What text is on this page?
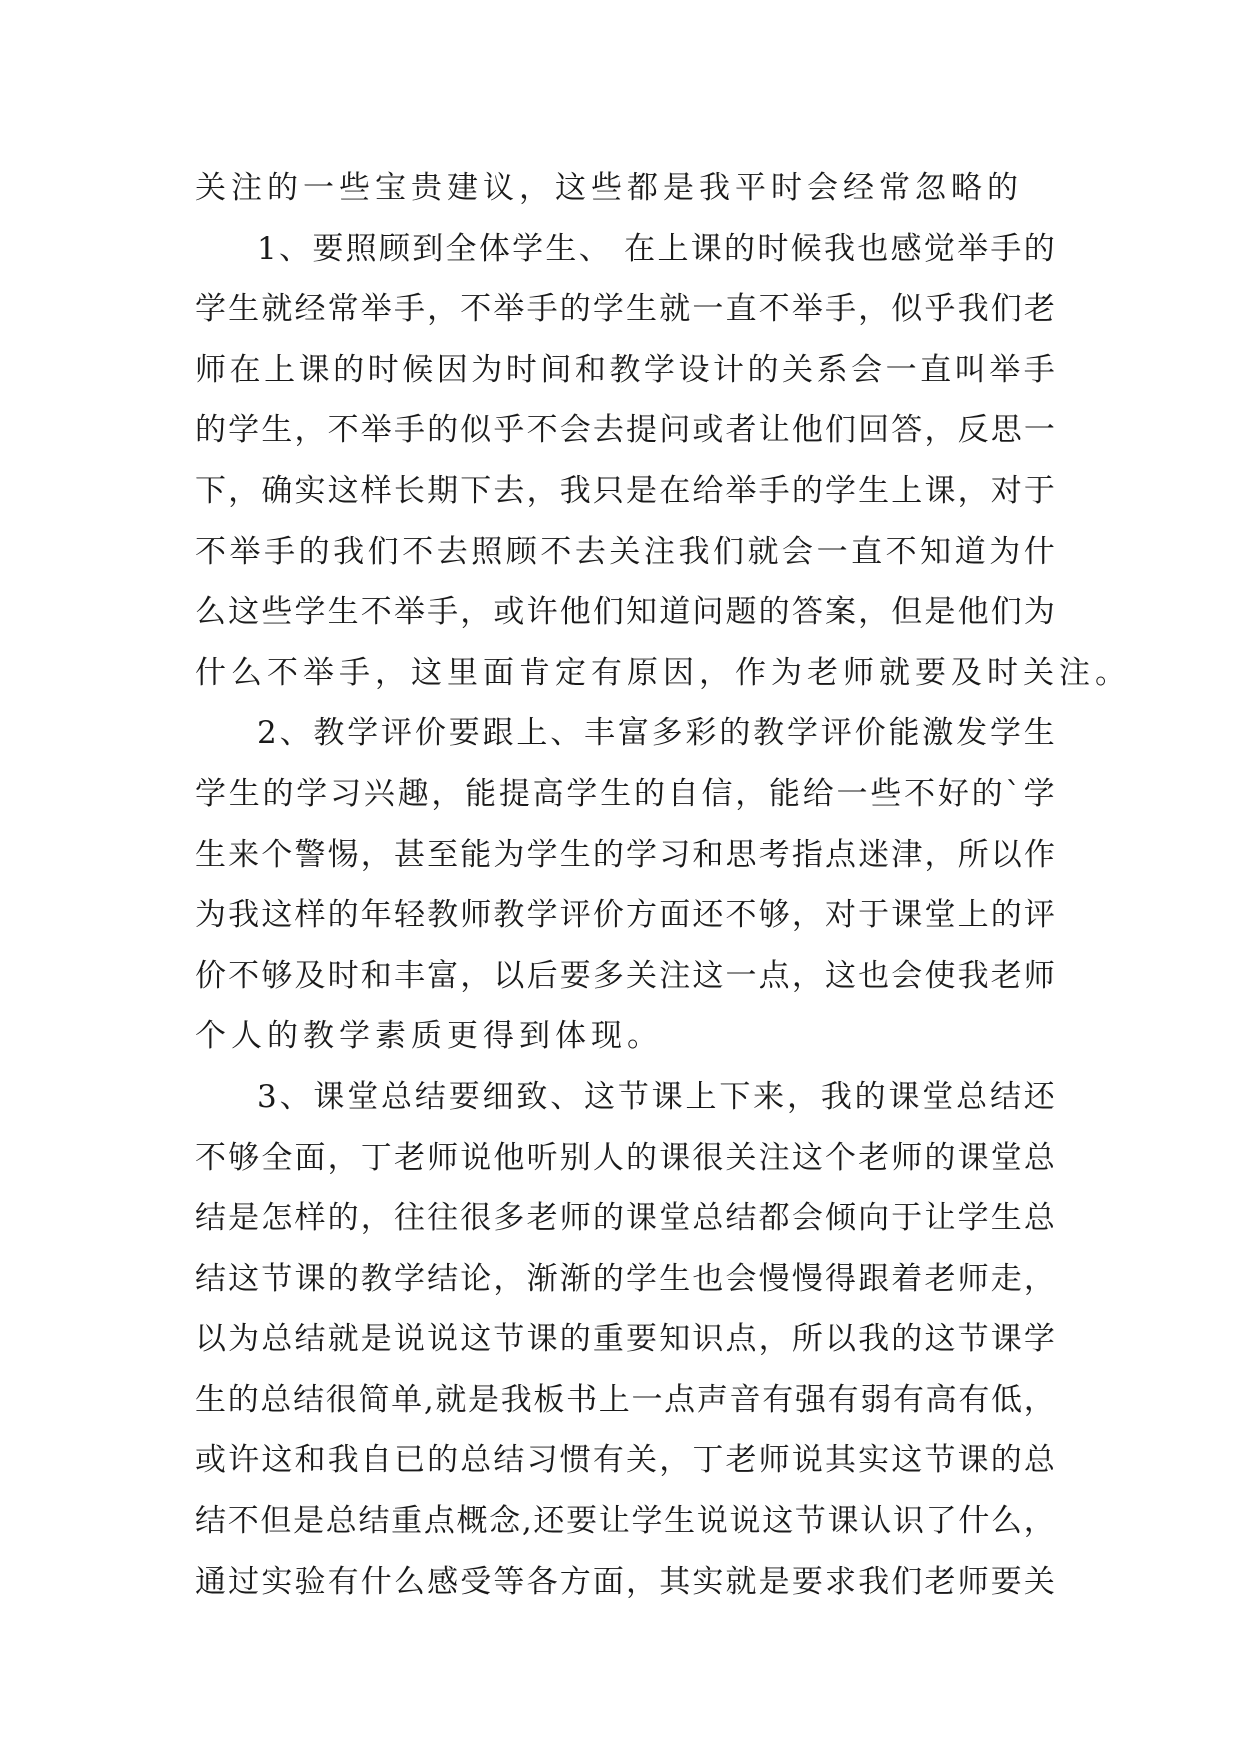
关注的一些宝贵建议，这些都是我平时会经常忽略的
1 、 要 照 顾 到 全 体 学 生 、
在 上 课 的 时 候 我 也 感 觉 举 手 的
学 生 就 经 常 举 手 ， 不 举 手 的 学 生 就 一 直 不 举 手 ， 似 乎 我 们 老
师 在 上 课 的 时 候 因 为 时 间 和 教 学 设 计 的 关 系 会 一 直 叫 举 手
的 学 生 ， 不 举 手 的 似 乎 不 会 去 提 问 或 者 让 他 们 回 答 ， 反 思 一
下 ， 确 实 这 样 长 期 下 去 ， 我 只 是 在 给 举 手 的 学 生 上 课 ， 对 于
不 举 手 的 我 们 不 去 照 顾 不 去 关 注 我 们 就 会 一 直 不 知 道 为 什
么 这 些 学 生 不 举 手 ， 或 许 他 们 知 道 问 题 的 答 案 ， 但 是 他 们 为
什么不举手，这里面肯定有原因，作为老师就要及时关注。
2 、 教 学 评 价 要 跟 上 、 丰 富 多 彩 的 教 学 评 价 能 激 发 学 生
学 生 的 学 习 兴 趣 ， 能 提 高 学 生 的 自 信 ， 能 给 一 些 不 好 的 ` 学
生 来 个 警 惕 ， 甚 至 能 为 学 生 的 学 习 和 思 考 指 点 迷 津 ， 所 以 作
为 我 这 样 的 年 轻 教 师 教 学 评 价 方 面 还 不 够 ， 对 于 课 堂 上 的 评
价 不 够 及 时 和 丰 富 ， 以 后 要 多 关 注 这 一 点 ， 这 也 会 使 我 老 师
个人的教学素质更得到体现。
3 、 课 堂 总 结 要 细 致 、 这 节 课 上 下 来 ， 我 的 课 堂 总 结 还
不 够 全 面 ， 丁 老 师 说 他 听 别 人 的 课 很 关 注 这 个 老 师 的 课 堂 总
结 是 怎 样 的 ， 往 往 很 多 老 师 的 课 堂 总 结 都 会 倾 向 于 让 学 生 总
结 这 节 课 的 教 学 结 论 ， 渐 渐 的 学 生 也 会 慢 慢 得 跟 着 老 师 走 ，
以 为 总 结 就 是 说 说 这 节 课 的 重 要 知 识 点 ， 所 以 我 的 这 节 课 学
生 的 总 结 很 简 单 , 就 是 我 板 书 上 一 点 声 音 有 强 有 弱 有 高 有 低 ，
或 许 这 和 我 自 已 的 总 结 习 惯 有 关 ， 丁 老 师 说 其 实 这 节 课 的 总
结 不 但 是 总 结 重 点 概 念 , 还 要 让 学 生 说 说 这 节 课 认 识 了 什 么 ，
通 过 实 验 有 什 么 感 受 等 各 方 面 ， 其 实 就 是 要 求 我 们 老 师 要 关
